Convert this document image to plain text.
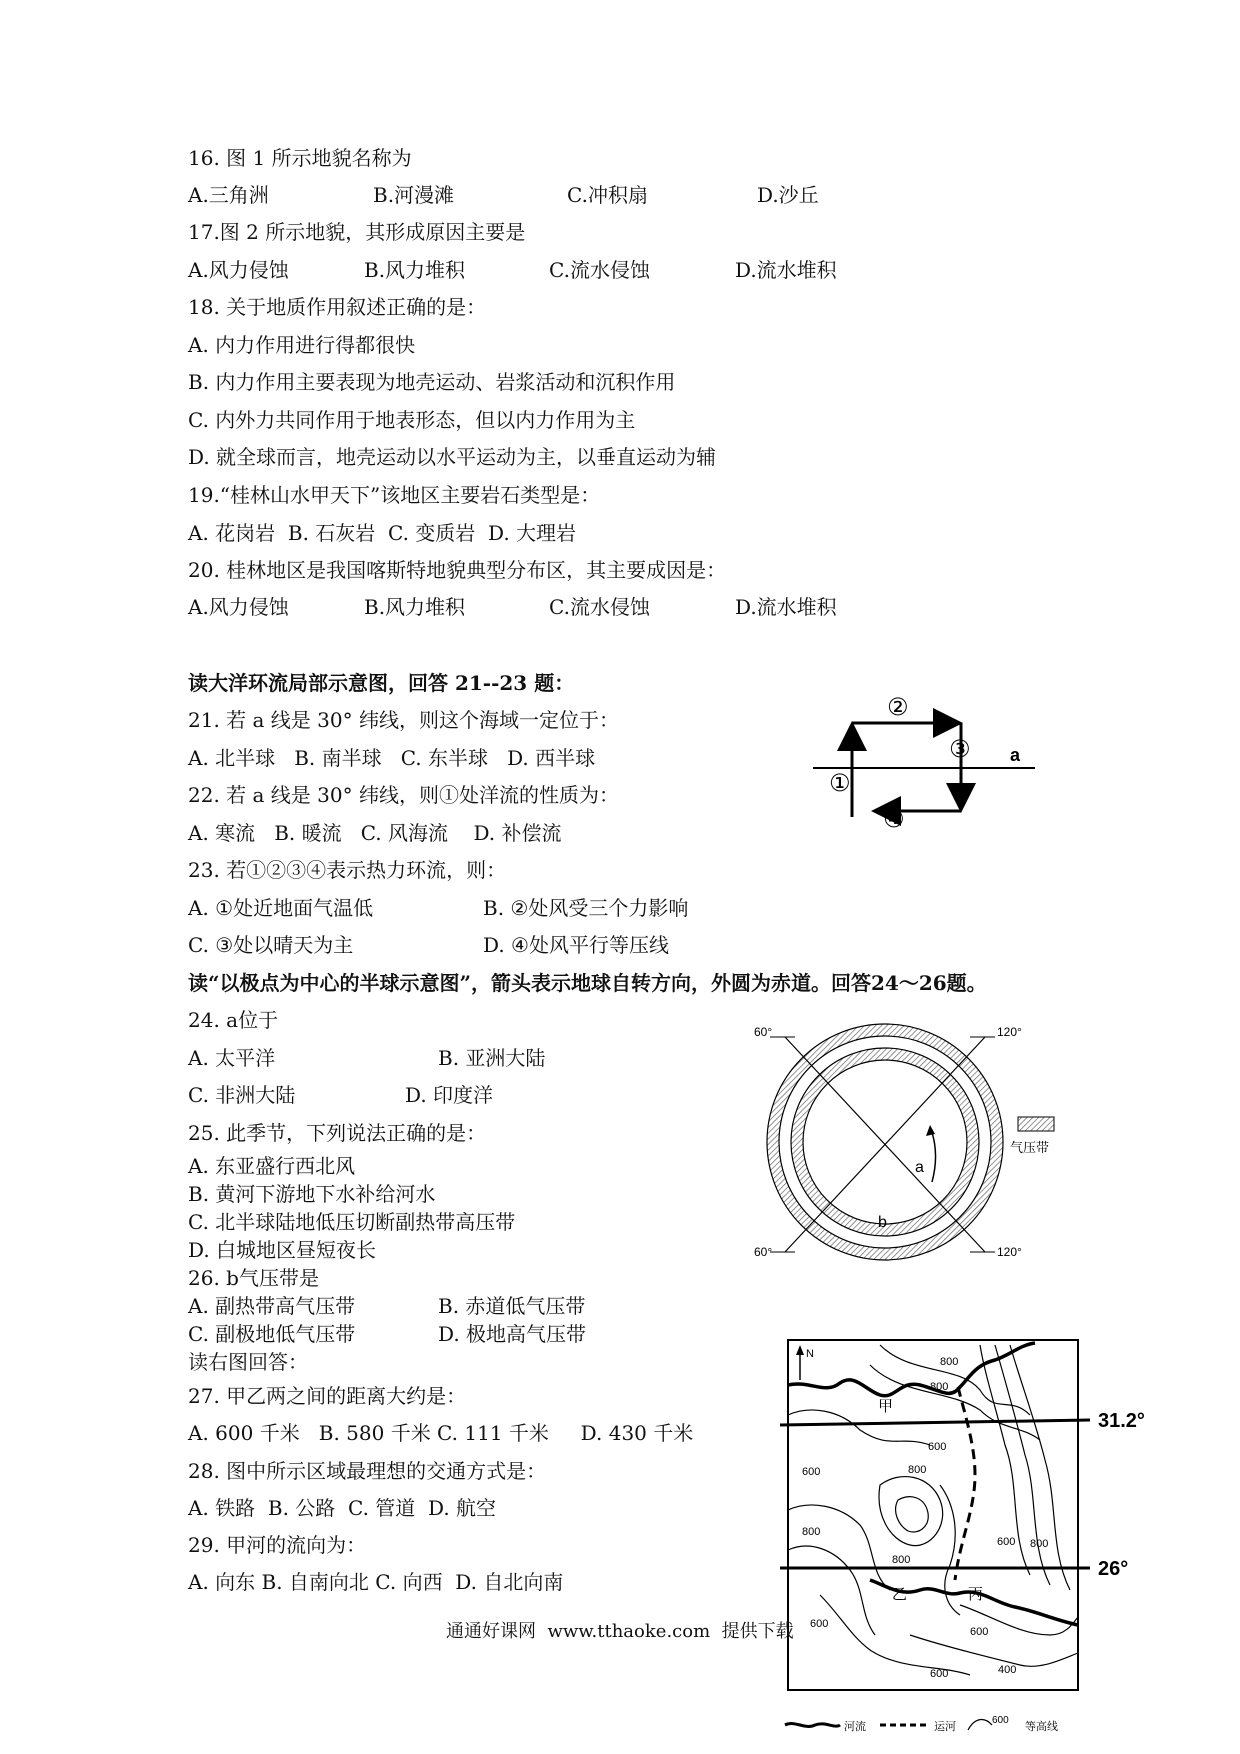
16. 图 1 所示地貌名称为
A.三角洲	B.河漫滩	C.冲积扇	D.沙丘
17.图 2 所示地貌，其形成原因主要是
A.风力侵蚀	B.风力堆积	C.流水侵蚀	D.流水堆积
18. 关于地质作用叙述正确的是：
A. 内力作用进行得都很快
B. 内力作用主要表现为地壳运动、岩浆活动和沉积作用
C. 内外力共同作用于地表形态，但以内力作用为主
D. 就全球而言，地壳运动以水平运动为主，以垂直运动为辅
19.“桂林山水甲天下”该地区主要岩石类型是：
A. 花岗岩  B. 石灰岩  C. 变质岩  D. 大理岩
20. 桂林地区是我国喀斯特地貌典型分布区，其主要成因是：
A.风力侵蚀	B.风力堆积	C.流水侵蚀	D.流水堆积
读大洋环流局部示意图，回答 21--23 题：
21. 若 a 线是 30° 纬线，则这个海域一定位于：
A. 北半球   B. 南半球   C. 东半球   D. 西半球
22. 若 a 线是 30° 纬线，则①处洋流的性质为：
A. 寒流   B. 暖流   C. 风海流    D. 补偿流
23. 若①②③④表示热力环流，则：
A. ①处近地面气温低	B. ②处风受三个力影响
C. ③处以晴天为主	D. ④处风平行等压线
读“以极点为中心的半球示意图”，箭头表示地球自转方向，外圆为赤道。回答24～26题。
24. a位于
A. 太平洋	B. 亚洲大陆
C. 非洲大陆	D. 印度洋
25. 此季节，下列说法正确的是：
A. 东亚盛行西北风
B. 黄河下游地下水补给河水
C. 北半球陆地低压切断副热带高压带
D. 白城地区昼短夜长
26. b气压带是
A. 副热带高气压带	B. 赤道低气压带
C. 副极地低气压带	D. 极地高气压带
读右图回答：
27. 甲乙两之间的距离大约是：
A. 600 千米   B. 580 千米 C. 111 千米     D. 430 千米
28. 图中所示区域最理想的交通方式是：
A. 铁路  B. 公路  C. 管道  D. 航空
29. 甲河的流向为：
A. 向东 B. 自南向北 C. 向西  D. 自北向南
①
②
③
④
a
60°	120°
60°	120°
a
b
气压带
N
31.2°
26°
甲
乙	丙
800
800
600
600	800
800
800
600 800
600
600
400
600
河流	运河
600
等高线
通通好课网  www.tthaoke.com  提供下载
